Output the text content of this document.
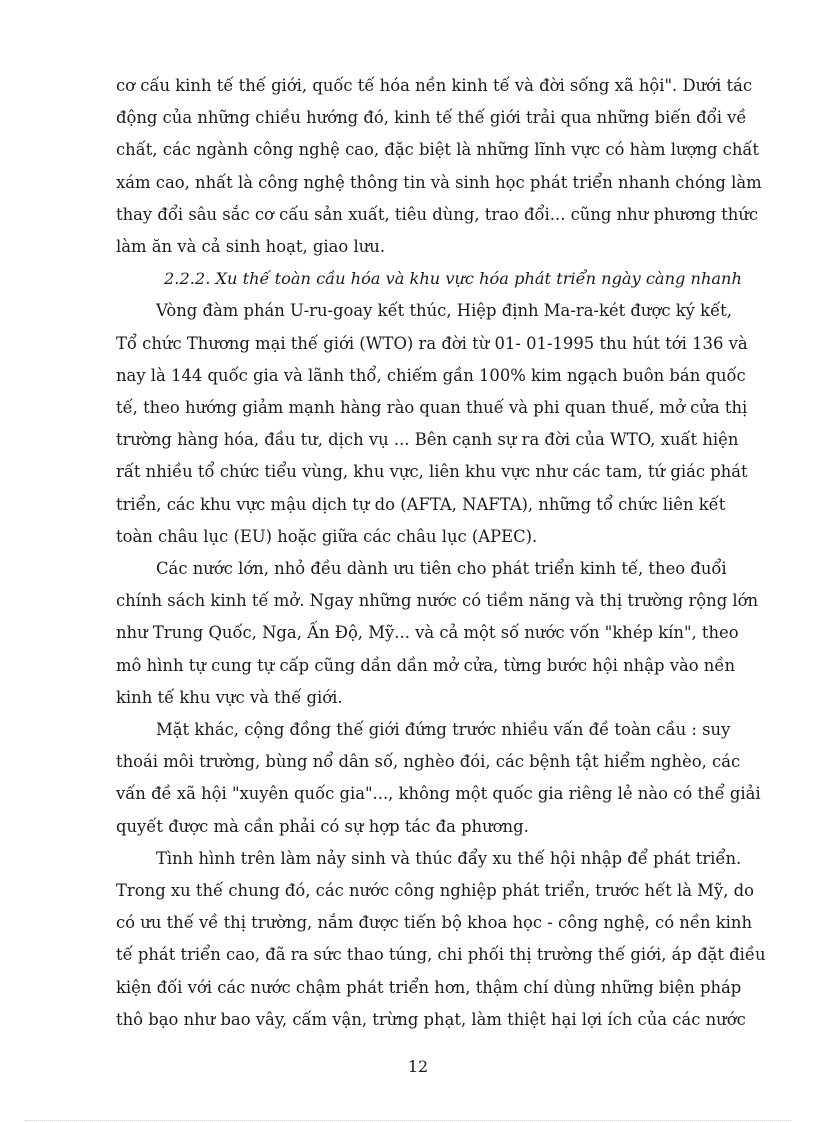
cơ cấu kinh tế thế giới, quốc tế hóa nền kinh tế và đời sống xã hội". Dưới tác
động của những chiều hướng đó, kinh tế thế giới trải qua những biến đổi về
chất, các ngành công nghệ cao, đặc biệt là những lĩnh vực có hàm lượng chất
xám cao, nhất là công nghệ thông tin và sinh học phát triển nhanh chóng làm
thay đổi sâu sắc cơ cấu sản xuất, tiêu dùng, trao đổi... cũng như phương thức
làm ăn và cả sinh hoạt, giao lưu.

2.2.2. Xu thế toàn cầu hóa và khu vực hóa phát triển ngày càng nhanh

Vòng đàm phán U-ru-goay kết thúc, Hiệp định Ma-ra-két được ký kết,
Tổ chức Thương mại thế giới (WTO) ra đời từ 01- 01-1995 thu hút tới 136 và
nay là 144 quốc gia và lãnh thổ, chiếm gần 100% kim ngạch buôn bán quốc
tế, theo hướng giảm mạnh hàng rào quan thuế và phi quan thuế, mở cửa thị
trường hàng hóa, đầu tư, dịch vụ ... Bên cạnh sự ra đời của WTO, xuất hiện
rất nhiều tổ chức tiểu vùng, khu vực, liên khu vực như các tam, tứ giác phát
triển, các khu vực mậu dịch tự do (AFTA, NAFTA), những tổ chức liên kết
toàn châu lục (EU) hoặc giữa các châu lục (APEC).

Các nước lớn, nhỏ đều dành ưu tiên cho phát triển kinh tế, theo đuổi
chính sách kinh tế mở. Ngay những nước có tiềm năng và thị trường rộng lớn
như Trung Quốc, Nga, Ấn Độ, Mỹ... và cả một số nước vốn "khép kín", theo
mô hình tự cung tự cấp cũng dần dần mở cửa, từng bước hội nhập vào nền
kinh tế khu vực và thế giới.

Mặt khác, cộng đồng thế giới đứng trước nhiều vấn đề toàn cầu : suy
thoái môi trường, bùng nổ dân số, nghèo đói, các bệnh tật hiểm nghèo, các
vấn đề xã hội "xuyên quốc gia"..., không một quốc gia riêng lẻ nào có thể giải
quyết được mà cần phải có sự hợp tác đa phương.

Tình hình trên làm nảy sinh và thúc đẩy xu thế hội nhập để phát triển.
Trong xu thế chung đó, các nước công nghiệp phát triển, trước hết là Mỹ, do
có ưu thế về thị trường, nắm được tiến bộ khoa học - công nghệ, có nền kinh
tế phát triển cao, đã ra sức thao túng, chi phối thị trường thế giới, áp đặt điều
kiện đối với các nước chậm phát triển hơn, thậm chí dùng những biện pháp
thô bạo như bao vây, cấm vận, trừng phạt, làm thiệt hại lợi ích của các nước

12
